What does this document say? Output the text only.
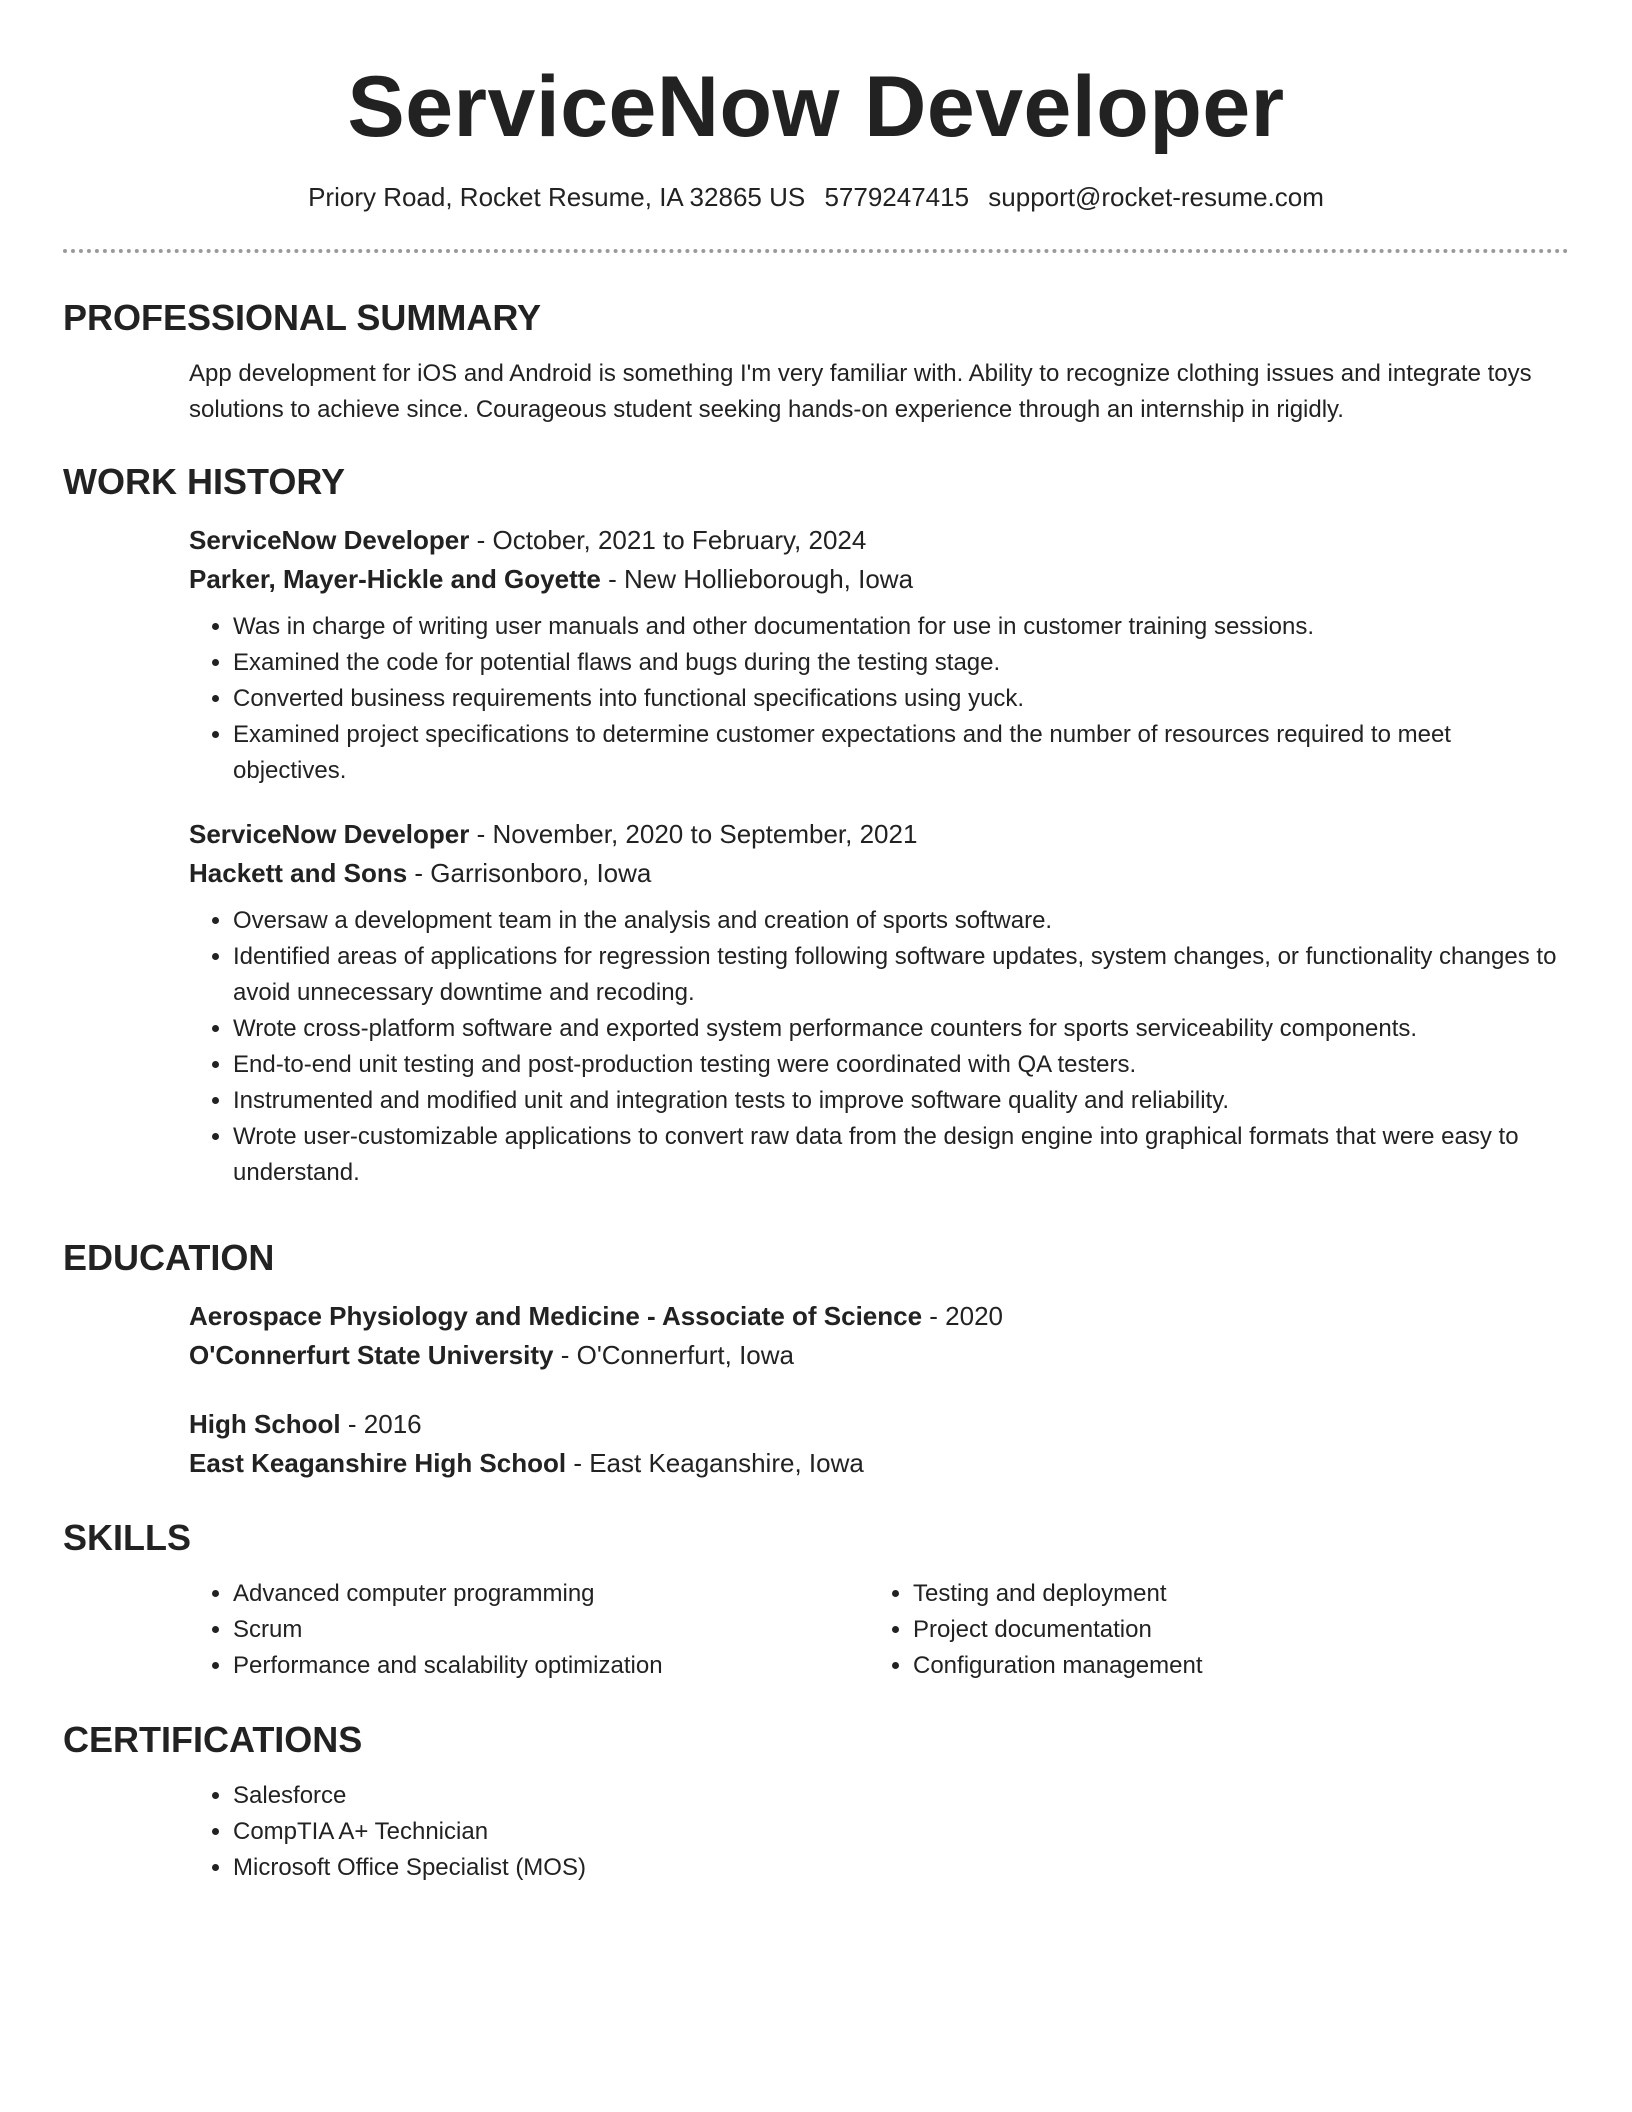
ServiceNow Developer
Priory Road, Rocket Resume, IA 32865 US 5779247415 support@rocket-resume.com
PROFESSIONAL SUMMARY

App development for iOS and Android is something I'm very familiar with. Ability to recognize clothing issues and integrate toys solutions to achieve since. Courageous student seeking hands-on experience through an internship in rigidly.

WORK HISTORY

ServiceNow Developer - October, 2021 to February, 2024

Parker, Mayer-Hickle and Goyette - New Hollieborough, Iowa

• Was in charge of writing user manuals and other documentation for use in customer training sessions.
• Examined the code for potential flaws and bugs during the testing stage.
• Converted business requirements into functional specifications using yuck.
• Examined project specifications to determine customer expectations and the number of resources required to meet objectives.

ServiceNow Developer - November, 2020 to September, 2021

Hackett and Sons - Garrisonboro, Iowa

• Oversaw a development team in the analysis and creation of sports software.
• Identified areas of applications for regression testing following software updates, system changes, or functionality changes to avoid unnecessary downtime and recoding.
• Wrote cross-platform software and exported system performance counters for sports serviceability components.
• End-to-end unit testing and post-production testing were coordinated with QA testers.
• Instrumented and modified unit and integration tests to improve software quality and reliability.
• Wrote user-customizable applications to convert raw data from the design engine into graphical formats that were easy to understand.
EDUCATION

Aerospace Physiology and Medicine - Associate of Science - 2020

O'Connerfurt State University - O'Connerfurt, Iowa

High School - 2016

East Keaganshire High School - East Keaganshire, Iowa

SKILLS
• Advanced computer programming
• Scrum
• Performance and scalability optimization
• Testing and deployment
• Project documentation
• Configuration management
CERTIFICATIONS
• Salesforce
• CompTIA A+ Technician
• Microsoft Office Specialist (MOS)
